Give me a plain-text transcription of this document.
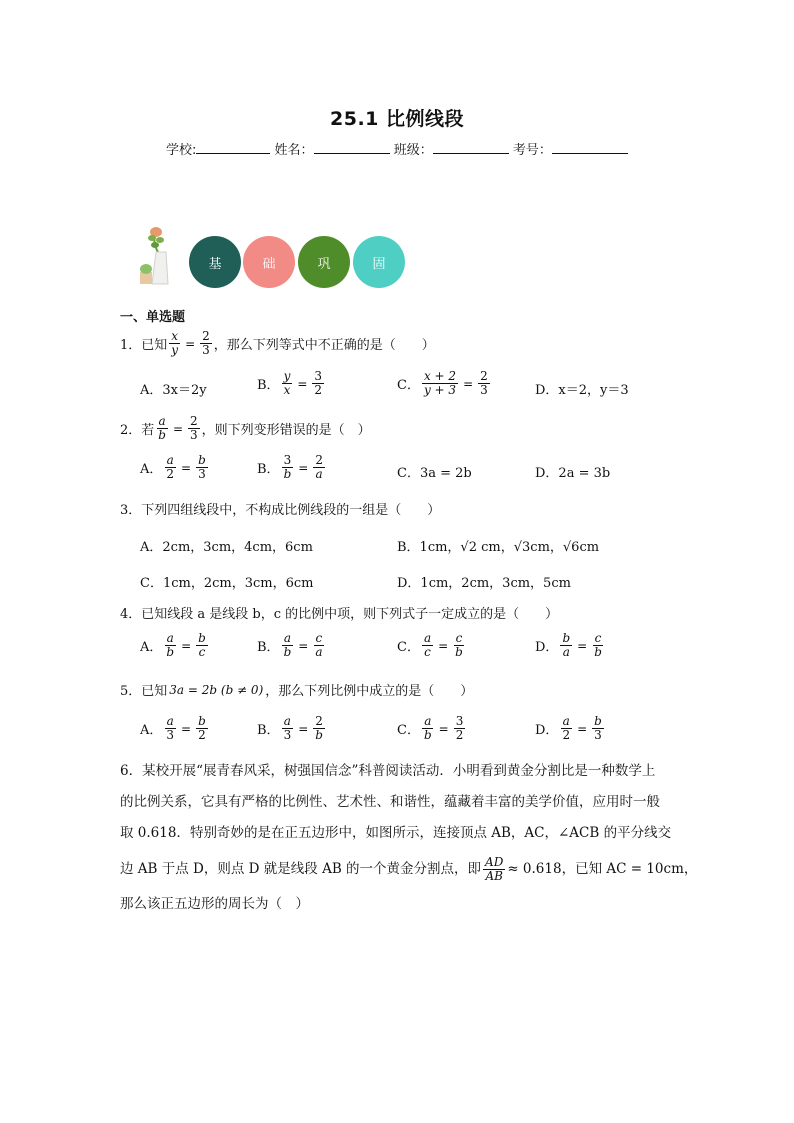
25.1 比例线段
学校:	姓名：	班级：	考号：
基	础	巩	固
一、单选题
1．已知 $\frac{x}{y} = \frac{2}{3}$ ，那么下列等式中不正确的是（　　）
A．3x＝2y	B． $\frac{y}{x} = \frac{3}{2}$	C． $\frac{x + 2}{y + 3} = \frac{2}{3}$	D．x＝2，y＝3
2．若 $\frac{a}{b} = \frac{2}{3}$ ，则下列变形错误的是（　）
A． $\frac{a}{2} = \frac{b}{3}$	B． $\frac{3}{b} = \frac{2}{a}$	C．3a = 2b	D．2a = 3b
3．下列四组线段中，不构成比例线段的一组是（　　）
A．2cm，3cm，4cm，6cm	B．1cm，√2 cm，√3cm，√6cm
C．1cm，2cm，3cm，6cm	D．1cm，2cm，3cm，5cm
4．已知线段 a 是线段 b，c 的比例中项，则下列式子一定成立的是（　　）
A． $\frac{a}{b} = \frac{b}{c}$	B． $\frac{a}{b} = \frac{c}{a}$	C． $\frac{a}{c} = \frac{c}{b}$	D． $\frac{b}{a} = \frac{c}{b}$
5．已知 3a = 2b (b ≠ 0) ，那么下列比例中成立的是（　　）
A． $\frac{a}{3} = \frac{b}{2}$	B． $\frac{a}{3} = \frac{2}{b}$	C． $\frac{a}{b} = \frac{3}{2}$	D． $\frac{a}{2} = \frac{b}{3}$

6．某校开展“展青春风采，树强国信念”科普阅读活动．小明看到黄金分割比是一种数学上

的比例关系，它具有严格的比例性、艺术性、和谐性，蕴藏着丰富的美学价值，应用时一般

取 0.618．特别奇妙的是在正五边形中，如图所示，连接顶点 AB，AC，∠ACB 的平分线交

边 AB 于点 D，则点 D 就是线段 AB 的一个黄金分割点，即 $\frac{AD}{AB} \approx 0.618$，已知 AC = 10cm，

那么该正五边形的周长为（　）
